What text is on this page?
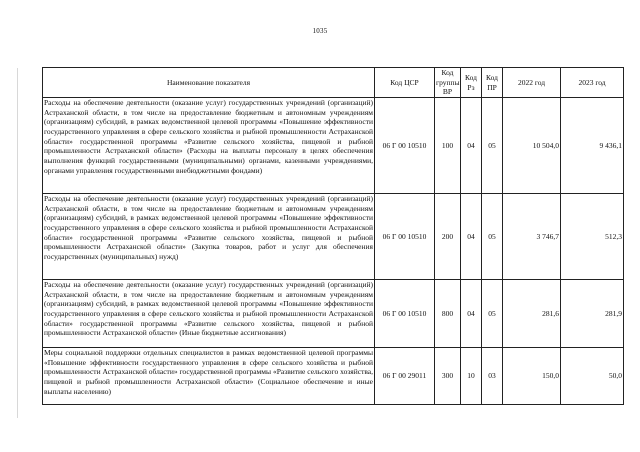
1035
Наименование показателя	Код ЦСР	Код группы ВР	Код Рз	Код ПР	2022 год	2023 год
Расходы на обеспечение деятельности (оказание услуг) государственных учреждений (организаций) Астраханской области, в том числе на предоставление бюджетным и автономным учреждениям (организациям) субсидий, в рамках ведомственной целевой программы «Повышение эффективности государственного управления в сфере сельского хозяйства и рыбной промышленности Астраханской области» государственной программы «Развитие сельского хозяйства, пищевой и рыбной промышленности Астраханской области» (Расходы на выплаты персоналу в целях обеспечения выполнения функций государственными (муниципальными) органами, казенными учреждениями, органами управления государственными внебюджетными фондами)	06 Г 00 10510	100	04	05	10 504,0	9 436,1
Расходы на обеспечение деятельности (оказание услуг) государственных учреждений (организаций) Астраханской области, в том числе на предоставление бюджетным и автономным учреждениям (организациям) субсидий, в рамках ведомственной целевой программы «Повышение эффективности государственного управления в сфере сельского хозяйства и рыбной промышленности Астраханской области» государственной программы «Развитие сельского хозяйства, пищевой и рыбной промышленности Астраханской области» (Закупка товаров, работ и услуг для обеспечения государственных (муниципальных) нужд)	06 Г 00 10510	200	04	05	3 746,7	512,3
Расходы на обеспечение деятельности (оказание услуг) государственных учреждений (организаций) Астраханской области, в том числе на предоставление бюджетным и автономным учреждениям (организациям) субсидий, в рамках ведомственной целевой программы «Повышение эффективности государственного управления в сфере сельского хозяйства и рыбной промышленности Астраханской области» государственной программы «Развитие сельского хозяйства, пищевой и рыбной промышленности Астраханской области» (Иные бюджетные ассигнования)	06 Г 00 10510	800	04	05	281,6	281,9
Меры социальной поддержки отдельных специалистов в рамках ведомственной целевой программы «Повышение эффективности государственного управления в сфере сельского хозяйства и рыбной промышленности Астраханской области» государственной программы «Развитие сельского хозяйства, пищевой и рыбной промышленности Астраханской области» (Социальное обеспечение и иные выплаты населению)	06 Г 00 29011	300	10	03	150,0	50,0
